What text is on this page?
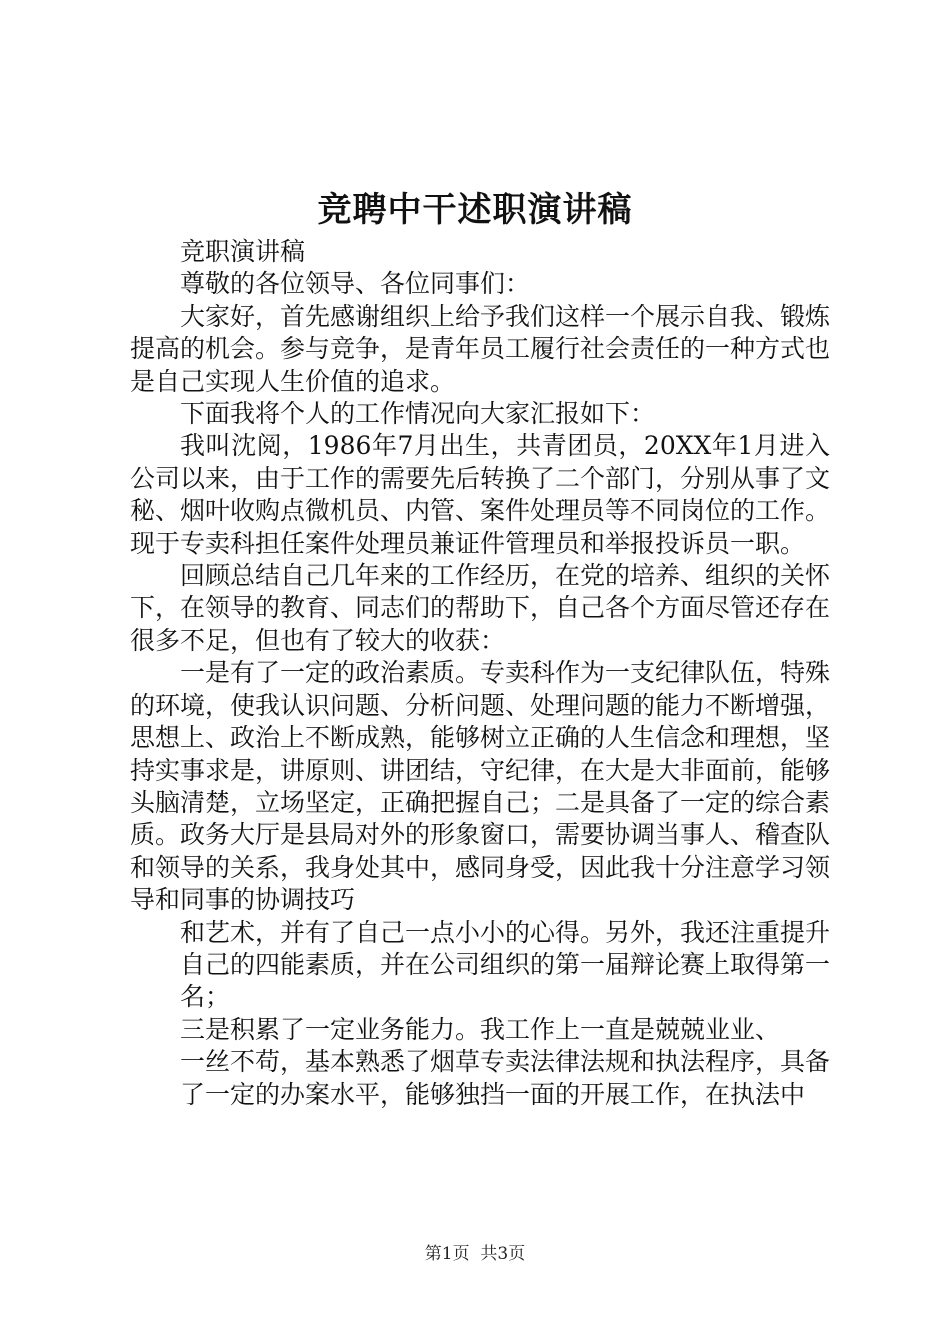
竞聘中干述职演讲稿

竞职演讲稿

尊敬的各位领导、各位同事们：

大家好，首先感谢组织上给予我们这样一个展示自我、锻炼提高的机会。参与竞争，是青年员工履行社会责任的一种方式也是自己实现人生价值的追求。

下面我将个人的工作情况向大家汇报如下：

我叫沈阅，1986年7月出生，共青团员，20XX年1月进入公司以来，由于工作的需要先后转换了二个部门，分别从事了文秘、烟叶收购点微机员、内管、案件处理员等不同岗位的工作。现于专卖科担任案件处理员兼证件管理员和举报投诉员一职。

回顾总结自己几年来的工作经历，在党的培养、组织的关怀下，在领导的教育、同志们的帮助下，自己各个方面尽管还存在很多不足，但也有了较大的收获：

一是有了一定的政治素质。专卖科作为一支纪律队伍，特殊的环境，使我认识问题、分析问题、处理问题的能力不断增强，思想上、政治上不断成熟，能够树立正确的人生信念和理想，坚持实事求是，讲原则、讲团结，守纪律，在大是大非面前，能够头脑清楚，立场坚定，正确把握自己；二是具备了一定的综合素质。政务大厅是县局对外的形象窗口，需要协调当事人、稽查队和领导的关系，我身处其中，感同身受，因此我十分注意学习领导和同事的协调技巧

和艺术，并有了自己一点小小的心得。另外，我还注重提升

自己的四能素质，并在公司组织的第一届辩论赛上取得第一

名；

三是积累了一定业务能力。我工作上一直是兢兢业业、

一丝不苟，基本熟悉了烟草专卖法律法规和执法程序，具备

了一定的办案水平，能够独挡一面的开展工作，在执法中

第1页 共3页
